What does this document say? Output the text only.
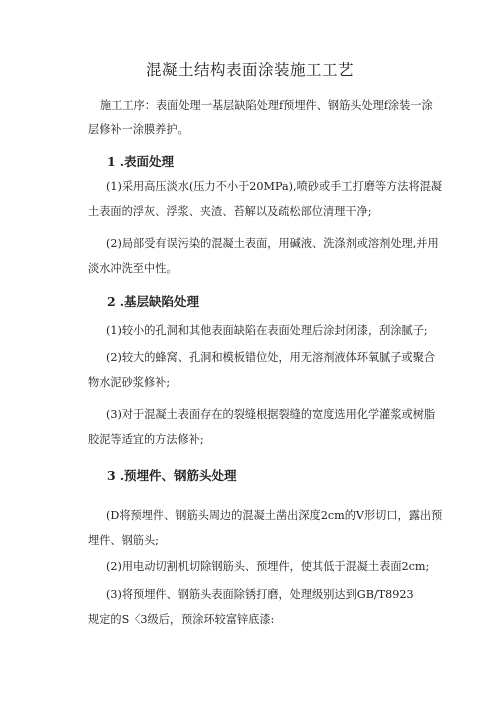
混凝土结构表面涂装施工工艺
施工工序：表面处理一基层缺陷处理f预埋件、钢筋头处理f涂装一涂
层修补一涂膜养护。
1 .表面处理
(1)采用高压淡水(压力不小于20MPa),喷砂或手工打磨等方法将混凝
土表面的浮灰、浮浆、夹渣、苔解以及疏松部位清理干净;
(2)局部受有误污染的混凝土表面，用碱液、洗涤剂或溶剂处理,并用
淡水冲洗至中性。
2 .基层缺陷处理
(1)较小的孔洞和其他表面缺陷在表面处理后涂封闭漆，刮涂腻子;
(2)较大的蜂窝、孔洞和模板错位处，用无溶剂液体环氧腻子或聚合
物水泥砂浆修补;
(3)对于混凝土表面存在的裂缝根据裂缝的宽度选用化学灌浆或树脂
胶泥等适宜的方法修补;
3 .预埋件、钢筋头处理
(D将预埋件、钢筋头周边的混凝土凿出深度2cm的V形切口，露出预
埋件、钢筋头;
(2)用电动切割机切除钢筋头、预埋件，使其低于混凝土表面2cm;
(3)将预埋件、钢筋头表面除锈打磨，处理级别达到GB/T8923
规定的S〈3级后，预涂环较富锌底漆:
